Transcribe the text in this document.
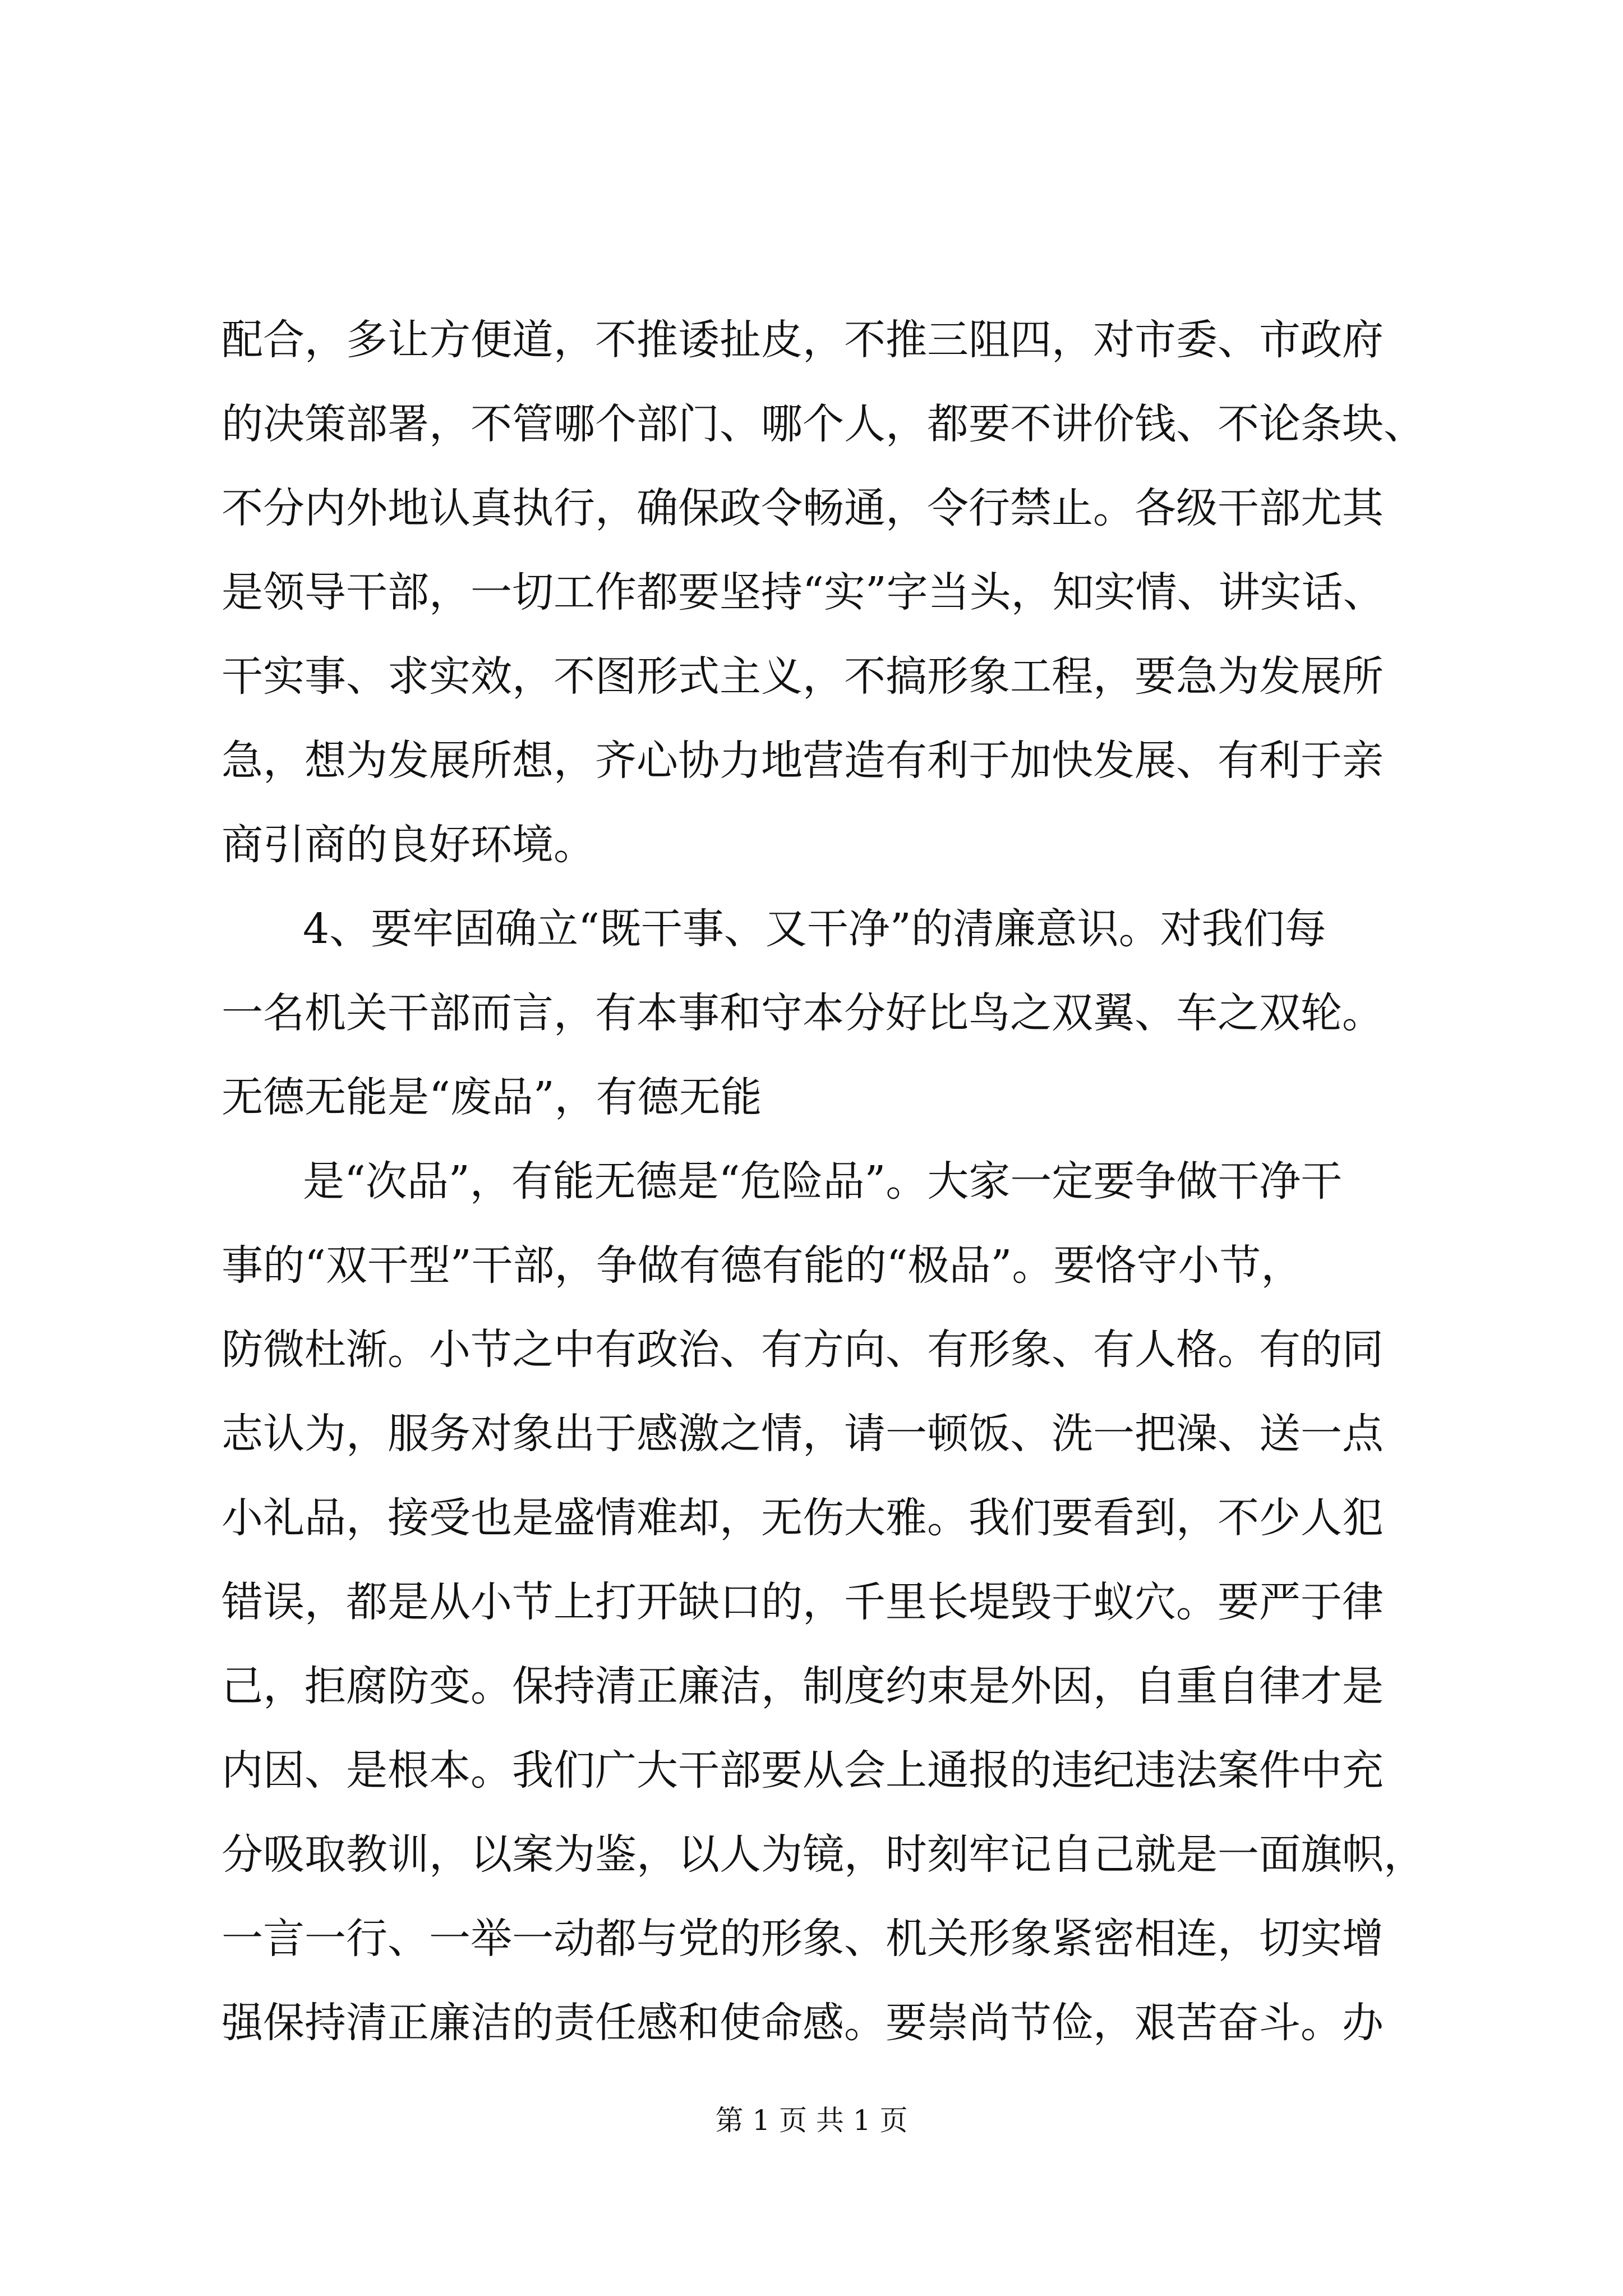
配合，多让方便道，不推诿扯皮，不推三阻四，对市委、市政府
的决策部署，不管哪个部门、哪个人，都要不讲价钱、不论条块、
不分内外地认真执行，确保政令畅通，令行禁止。各级干部尤其
是领导干部，一切工作都要坚持“实”字当头，知实情、讲实话、
干实事、求实效，不图形式主义，不搞形象工程，要急为发展所
急，想为发展所想，齐心协力地营造有利于加快发展、有利于亲
商引商的良好环境。
4、要牢固确立“既干事、又干净”的清廉意识。对我们每
一名机关干部而言，有本事和守本分好比鸟之双翼、车之双轮。
无德无能是“废品”，有德无能
是“次品”，有能无德是“危险品”。大家一定要争做干净干
事的“双干型”干部，争做有德有能的“极品”。要恪守小节，
防微杜渐。小节之中有政治、有方向、有形象、有人格。有的同
志认为，服务对象出于感激之情，请一顿饭、洗一把澡、送一点
小礼品，接受也是盛情难却，无伤大雅。我们要看到，不少人犯
错误，都是从小节上打开缺口的，千里长堤毁于蚁穴。要严于律
己，拒腐防变。保持清正廉洁，制度约束是外因，自重自律才是
内因、是根本。我们广大干部要从会上通报的违纪违法案件中充
分吸取教训，以案为鉴，以人为镜，时刻牢记自己就是一面旗帜，
一言一行、一举一动都与党的形象、机关形象紧密相连，切实增
强保持清正廉洁的责任感和使命感。要崇尚节俭，艰苦奋斗。办
第 1 页 共 1 页
